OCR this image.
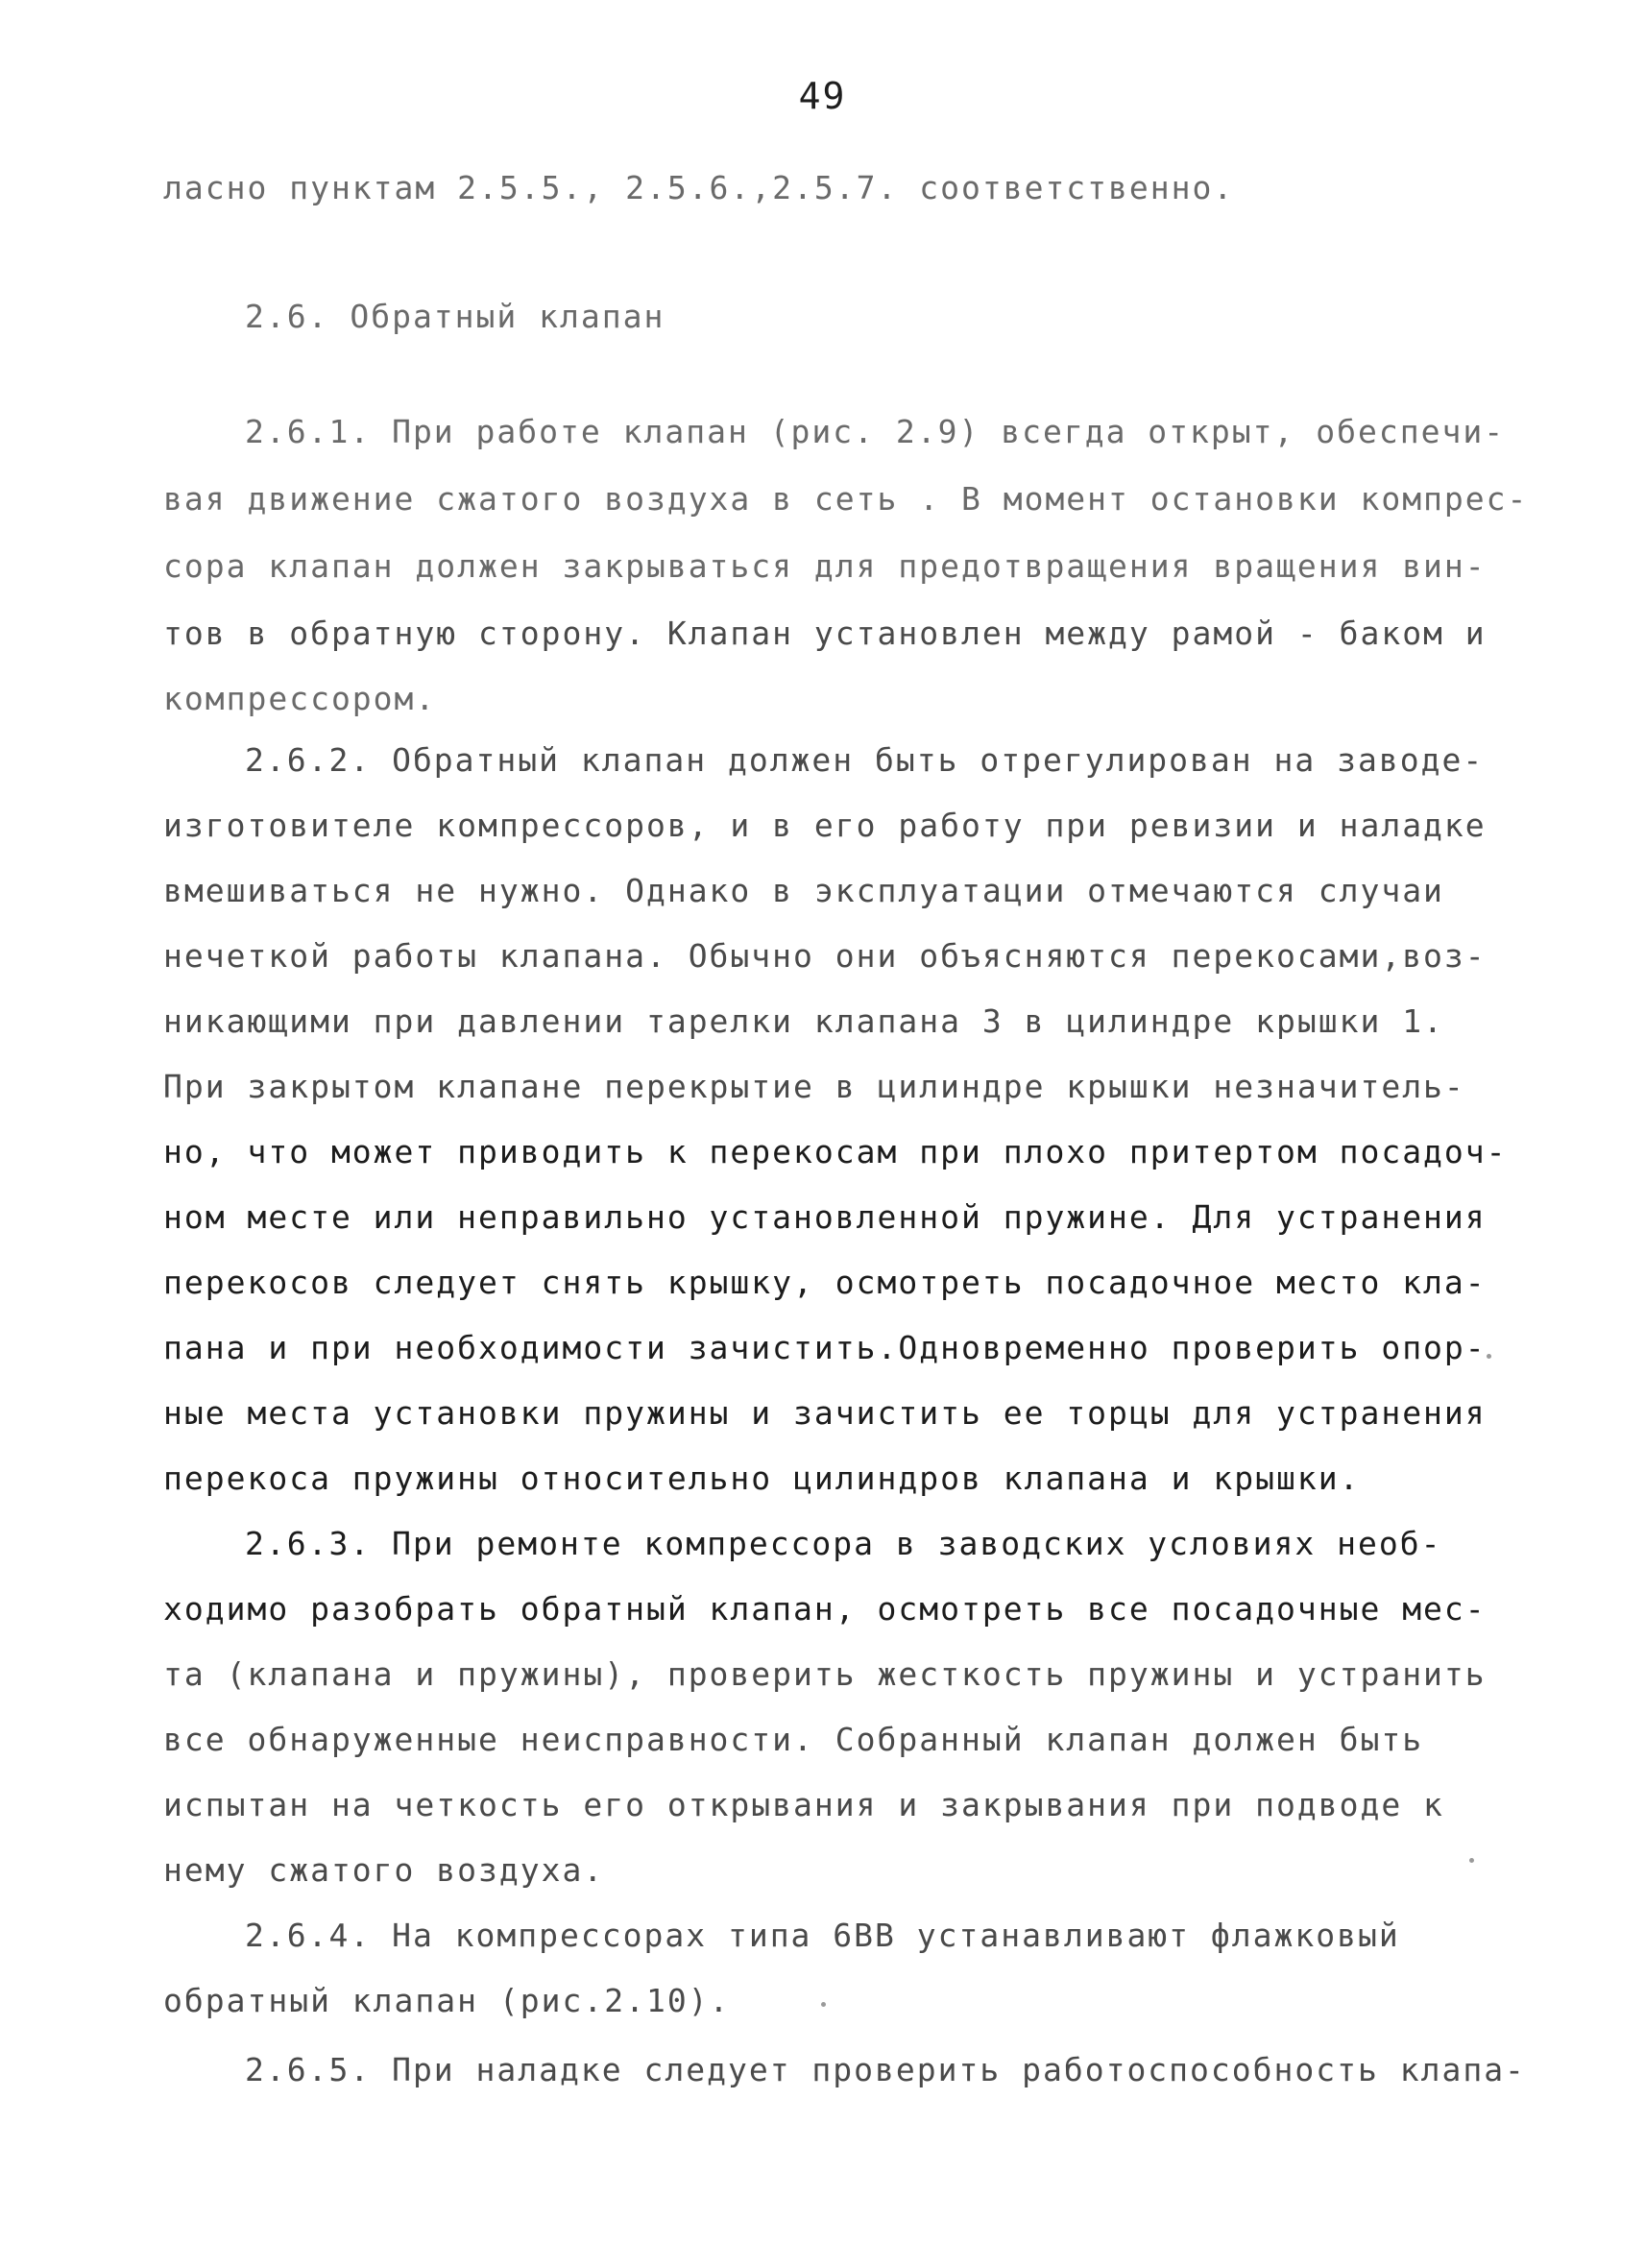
49
ласно пунктам 2.5.5., 2.5.6.,2.5.7. соответственно.
2.6. Обратный клапан
2.6.1. При работе клапан (рис. 2.9) всегда открыт, обеспечи-
вая движение сжатого воздуха в сеть . В момент остановки компрес-
сора клапан должен закрываться для предотвращения вращения вин-
тов в обратную сторону. Клапан установлен между рамой - баком и
компрессором.
2.6.2. Обратный клапан должен быть отрегулирован на заводе-
изготовителе компрессоров, и в его работу при ревизии и наладке
вмешиваться не нужно. Однако в эксплуатации отмечаются случаи
нечеткой работы клапана. Обычно они объясняются перекосами,воз-
никающими при давлении тарелки клапана 3 в цилиндре крышки 1.
При закрытом клапане перекрытие в цилиндре крышки незначитель-
но, что может приводить к перекосам при плохо притертом посадоч-
ном месте или неправильно установленной пружине. Для устранения
перекосов следует снять крышку, осмотреть посадочное место кла-
пана и при необходимости зачистить.Одновременно проверить опор-
ные места установки пружины и зачистить ее торцы для устранения
перекоса пружины относительно цилиндров клапана и крышки.
2.6.3. При ремонте компрессора в заводских условиях необ-
ходимо разобрать обратный клапан, осмотреть все посадочные мес-
та (клапана и пружины), проверить жесткость пружины и устранить
все обнаруженные неисправности. Собранный клапан должен быть
испытан на четкость его открывания и закрывания при подводе к
нему сжатого воздуха.
2.6.4. На компрессорах типа 6ВВ устанавливают флажковый
обратный клапан (рис.2.10).
2.6.5. При наладке следует проверить работоспособность клапа-
